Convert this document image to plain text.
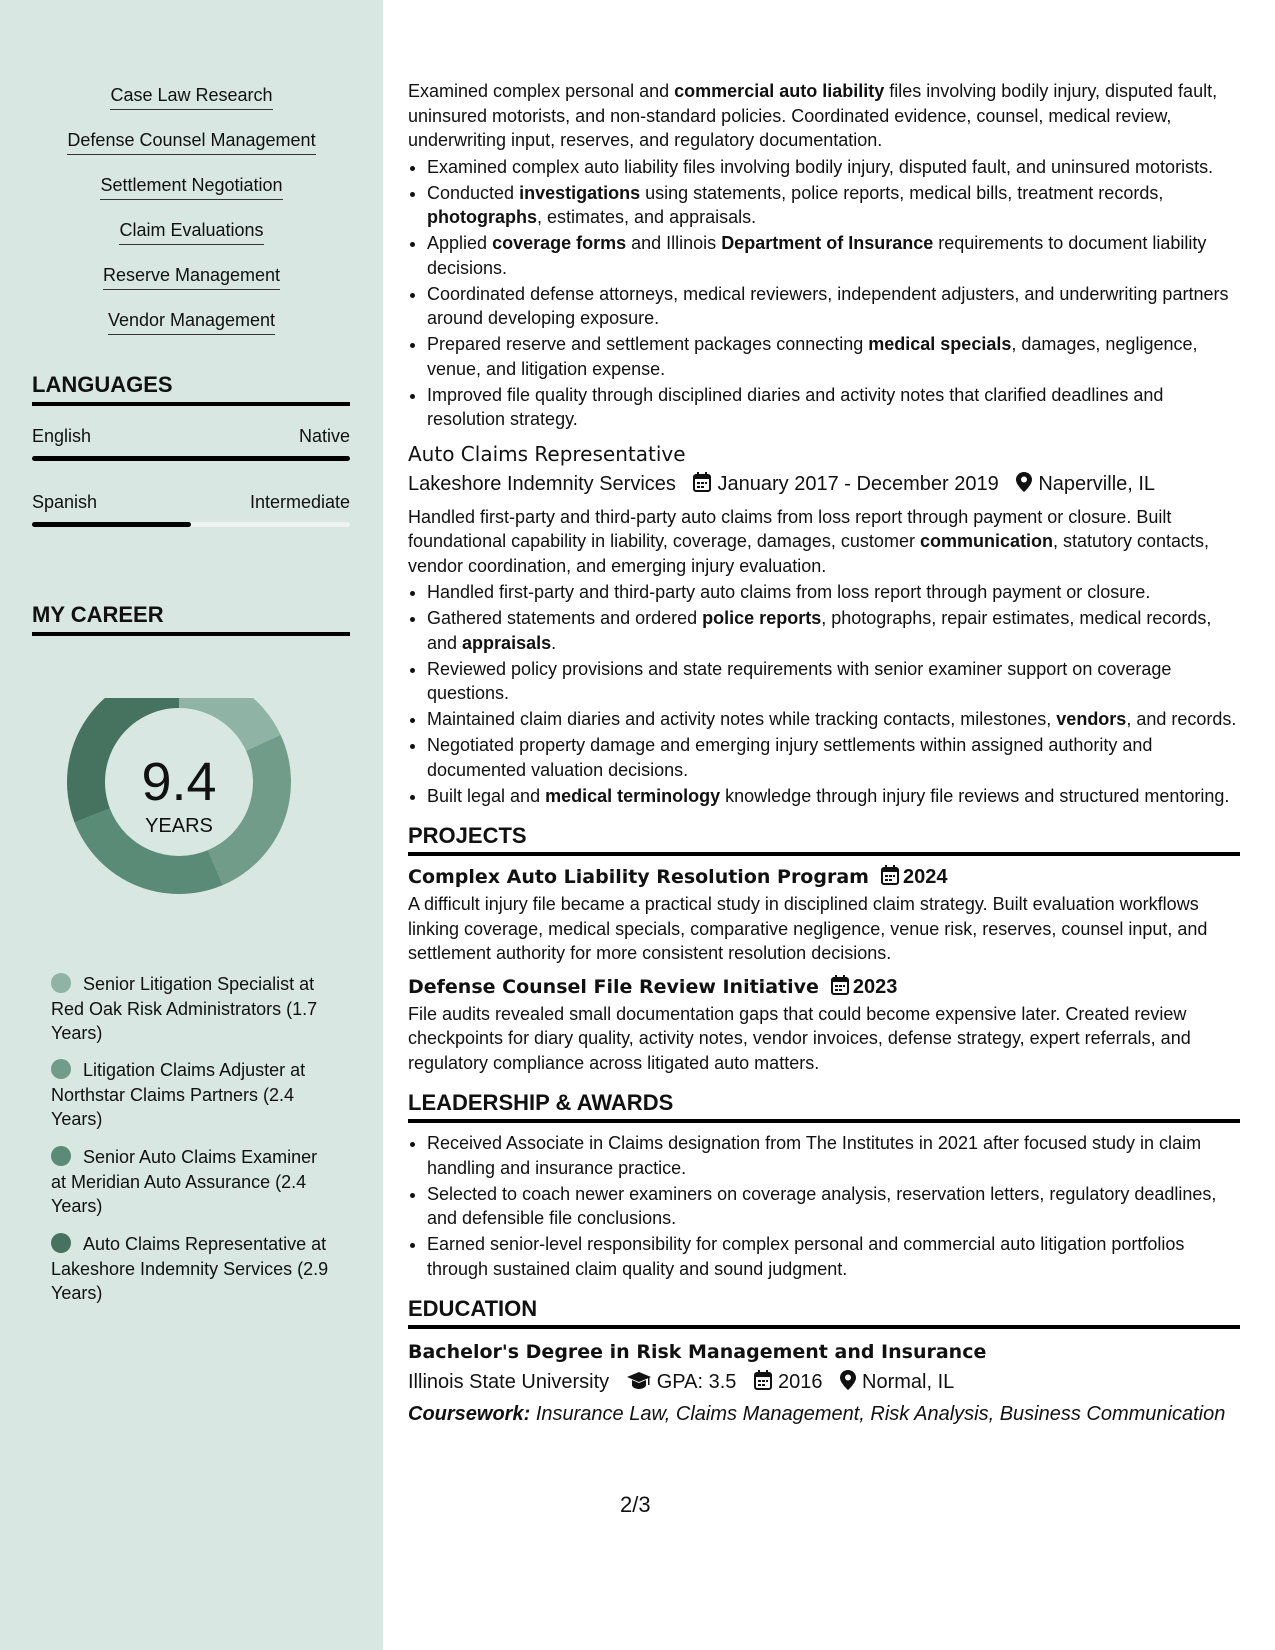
Case Law Research
Defense Counsel Management
Settlement Negotiation
Claim Evaluations
Reserve Management
Vendor Management
LANGUAGES
English	Native
Spanish	Intermediate
MY CAREER
9.4
YEARS
Senior Litigation Specialist at Red Oak Risk Administrators (1.7 Years)
Litigation Claims Adjuster at Northstar Claims Partners (2.4 Years)
Senior Auto Claims Examiner at Meridian Auto Assurance (2.4 Years)
Auto Claims Representative at Lakeshore Indemnity Services (2.9 Years)

Examined complex personal and commercial auto liability files involving bodily injury, disputed fault, uninsured motorists, and non-standard policies. Coordinated evidence, counsel, medical review, underwriting input, reserves, and regulatory documentation.

• Examined complex auto liability files involving bodily injury, disputed fault, and uninsured motorists.
• Conducted investigations using statements, police reports, medical bills, treatment records, photographs, estimates, and appraisals.
• Applied coverage forms and Illinois Department of Insurance requirements to document liability decisions.
• Coordinated defense attorneys, medical reviewers, independent adjusters, and underwriting partners around developing exposure.
• Prepared reserve and settlement packages connecting medical specials, damages, negligence, venue, and litigation expense.
• Improved file quality through disciplined diaries and activity notes that clarified deadlines and resolution strategy.
Auto Claims Representative
Lakeshore Indemnity Services January 2017 - December 2019 Naperville, IL

Handled first-party and third-party auto claims from loss report through payment or closure. Built foundational capability in liability, coverage, damages, customer communication, statutory contacts, vendor coordination, and emerging injury evaluation.

• Handled first-party and third-party auto claims from loss report through payment or closure.
• Gathered statements and ordered police reports, photographs, repair estimates, medical records, and appraisals.
• Reviewed policy provisions and state requirements with senior examiner support on coverage questions.
• Maintained claim diaries and activity notes while tracking contacts, milestones, vendors, and records.
• Negotiated property damage and emerging injury settlements within assigned authority and documented valuation decisions.
• Built legal and medical terminology knowledge through injury file reviews and structured mentoring.
PROJECTS
Complex Auto Liability Resolution Program 2024

A difficult injury file became a practical study in disciplined claim strategy. Built evaluation workflows linking coverage, medical specials, comparative negligence, venue risk, reserves, counsel input, and settlement authority for more consistent resolution decisions.

Defense Counsel File Review Initiative 2023

File audits revealed small documentation gaps that could become expensive later. Created review checkpoints for diary quality, activity notes, vendor invoices, defense strategy, expert referrals, and regulatory compliance across litigated auto matters.

LEADERSHIP & AWARDS
• Received Associate in Claims designation from The Institutes in 2021 after focused study in claim handling and insurance practice.
• Selected to coach newer examiners on coverage analysis, reservation letters, regulatory deadlines, and defensible file conclusions.
• Earned senior-level responsibility for complex personal and commercial auto litigation portfolios through sustained claim quality and sound judgment.
EDUCATION
Bachelor's Degree in Risk Management and Insurance
Illinois State University GPA: 3.5 2016 Normal, IL
Coursework: Insurance Law, Claims Management, Risk Analysis, Business Communication
2/3
